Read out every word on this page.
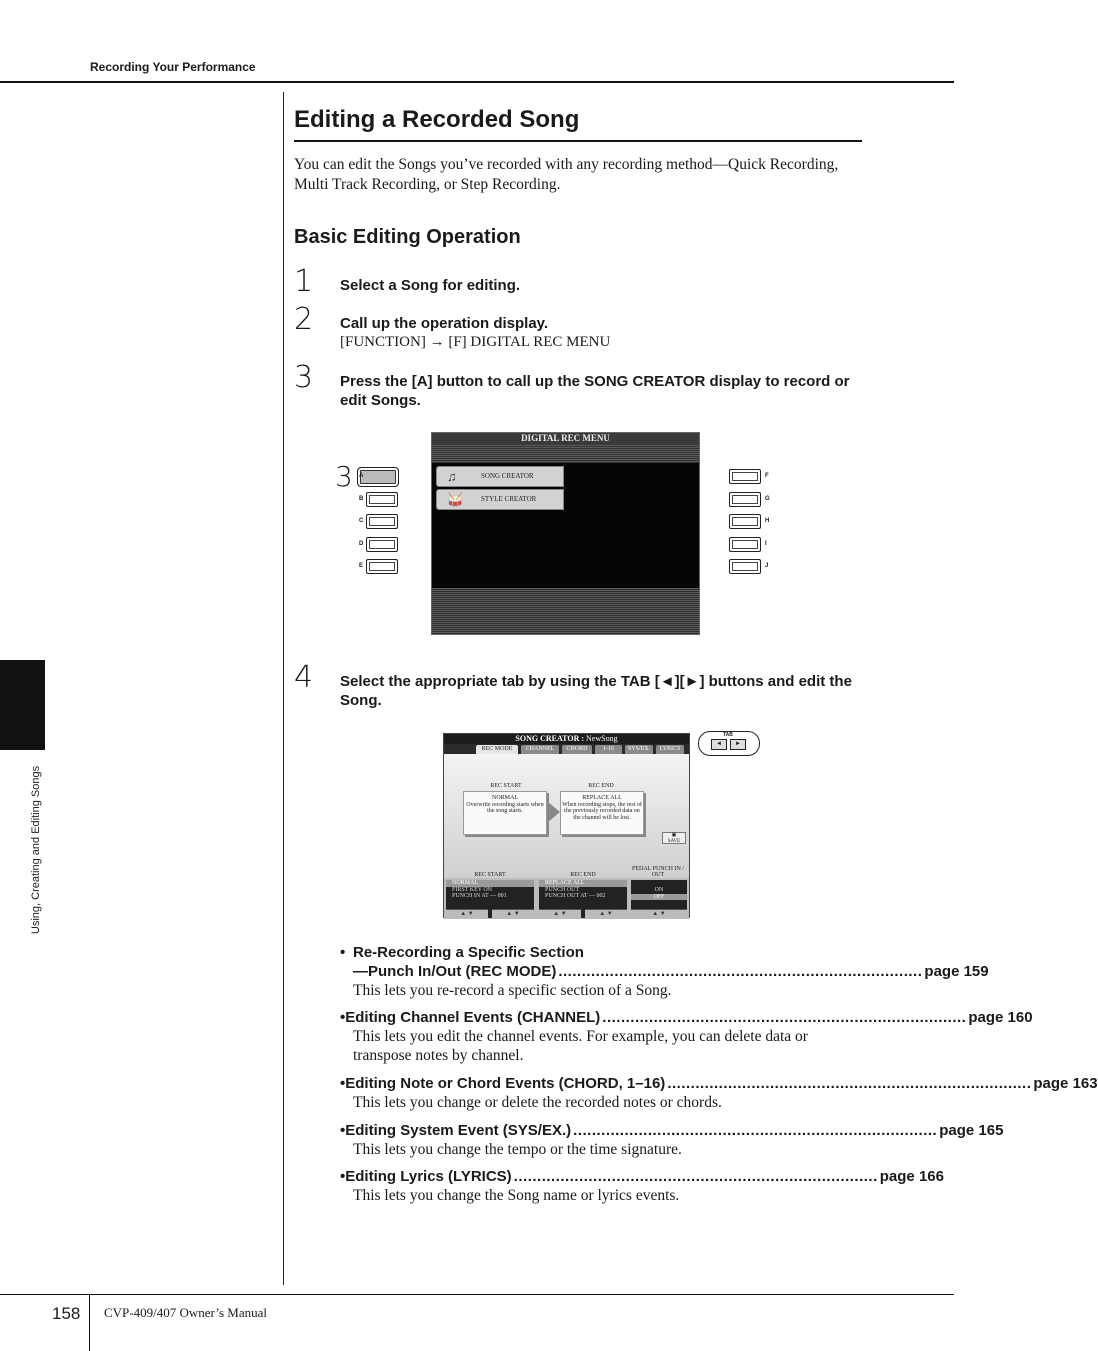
Recording Your Performance
Using, Creating and Editing Songs
Editing a Recorded Song
You can edit the Songs you’ve recorded with any recording method—Quick Recording, Multi Track Recording, or Step Recording.
Basic Editing Operation
1 Select a Song for editing.
2 Call up the operation display.
[FUNCTION] → [F] DIGITAL REC MENU
3 Press the [A] button to call up the SONG CREATOR display to record or edit Songs.
3 A
B
C
D
E
DIGITAL REC MENU
♫	SONG CREATOR
🥁	STYLE CREATOR
F
G
H
I
J
4 Select the appropriate tab by using the TAB [◄][►] buttons and edit the Song.
SONG CREATOR : NewSong
REC MODE	CHANNEL	CHORD	1-16	SYS/EX.	LYRICS
REC START	REC END
NORMAL
Overwrite recording starts when the song starts.
REPLACE ALL
When recording stops, the rest of the previously recorded data on the channel will be lost.
▣
SAVE
REC START	REC END
PEDAL PUNCH IN / OUT
NORMAL
FIRST KEY ON
PUNCH IN AT — 001
▲ ▼	▲ ▼
REPLACE ALL
PUNCH OUT
PUNCH OUT AT — 002
▲ ▼	▲ ▼
ON
OFF
▲ ▼
TAB
◄	►
• Re-Recording a Specific Section
—Punch In/Out (REC MODE) .............................................................................. page 159
This lets you re-record a specific section of a Song.
• Editing Channel Events (CHANNEL) .............................................................................. page 160
This lets you edit the channel events. For example, you can delete data or transpose notes by channel.
• Editing Note or Chord Events (CHORD, 1–16) .............................................................................. page 163
This lets you change or delete the recorded notes or chords.
• Editing System Event (SYS/EX.) .............................................................................. page 165
This lets you change the tempo or the time signature.
• Editing Lyrics (LYRICS) .............................................................................. page 166
This lets you change the Song name or lyrics events.
158 CVP-409/407 Owner’s Manual
